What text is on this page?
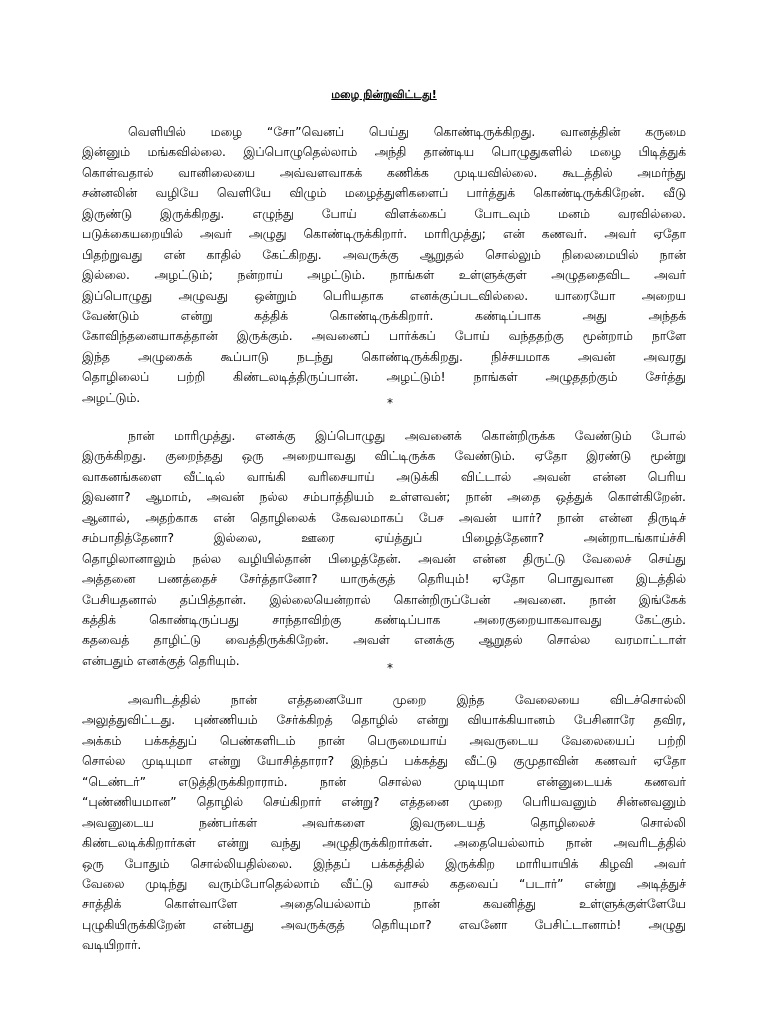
மழை நின்றுவிட்டது!
வெளியில் மழை “சோ”வெனப் பெய்து கொண்டிருக்கிறது. வானத்தின் கருமை
இன்னும் மங்கவில்லை. இப்பொழுதெல்லாம் அந்தி தாண்டிய பொழுதுகளில் மழை பிடித்துக்
கொள்வதால் வானிலையை அவ்வளவாகக் கணிக்க முடியவில்லை. கூடத்தில் அமர்ந்து
சன்னலின் வழியே வெளியே விழும் மழைத்துளிகளைப் பார்த்துக் கொண்டிருக்கிறேன். வீடு
இருண்டு இருக்கிறது. எழுந்து போய் விளக்கைப் போடவும் மனம் வரவில்லை.
படுக்கையறையில் அவர் அழுது கொண்டிருக்கிறார். மாரிமுத்து; என் கணவர். அவர் ஏதோ
பிதற்றுவது என் காதில் கேட்கிறது. அவருக்கு ஆறுதல் சொல்லும் நிலைமையில் நான்
இல்லை. அழட்டும்; நன்றாய் அழட்டும். நாங்கள் உள்ளுக்குள் அழுததைவிட அவர்
இப்பொழுது அழுவது ஒன்றும் பெரியதாக எனக்குப்படவில்லை. யாரையோ அறைய
வேண்டும்	என்று	கத்திக்	கொண்டிருக்கிறார்.	கண்டிப்பாக	அது	அந்தக்
கோவிந்தனையாகத்தான் இருக்கும். அவனைப் பார்க்கப் போய் வந்ததற்கு மூன்றாம் நாளே
இந்த அழுகைக் கூப்பாடு நடந்து கொண்டிருக்கிறது. நிச்சயமாக அவன் அவரது
தொழிலைப் பற்றி கிண்டலடித்திருப்பான். அழட்டும்! நாங்கள் அழுததற்கும் சேர்த்து
அழட்டும்.	*
நான் மாரிமுத்து. எனக்கு இப்பொழுது அவனைக் கொன்றிருக்க வேண்டும் போல்
இருக்கிறது. குறைந்தது ஒரு அறையாவது விட்டிருக்க வேண்டும். ஏதோ இரண்டு மூன்று
வாகனங்களை வீட்டில் வாங்கி வரிசையாய் அடுக்கி விட்டால் அவன் என்ன பெரிய
இவனா? ஆமாம், அவன் நல்ல சம்பாத்தியம் உள்ளவன்; நான் அதை ஒத்துக் கொள்கிறேன்.
ஆனால், அதற்காக என் தொழிலைக் கேவலமாகப் பேச அவன் யார்? நான் என்ன திருடிச்
சம்பாதித்தேனா?	இல்லை,	ஊரை	ஏய்த்துப்	பிழைத்தேனா?	அன்றாடங்காய்ச்சி
தொழிலானாலும் நல்ல வழியில்தான் பிழைத்தேன். அவன் என்ன திருட்டு வேலைச் செய்து
அத்தனை பணத்தைச் சேர்த்தானோ? யாருக்குத் தெரியும்! ஏதோ பொதுவான இடத்தில்
பேசியதனால் தப்பித்தான். இல்லையென்றால் கொன்றிருப்பேன் அவனை. நான் இங்கேக்
கத்திக்	கொண்டிருப்பது	சாந்தாவிற்கு	கண்டிப்பாக	அரைகுறையாகவாவது	கேட்கும்.
கதவைத் தாழிட்டு வைத்திருக்கிறேன். அவள் எனக்கு ஆறுதல் சொல்ல வரமாட்டாள்
என்பதும் எனக்குத் தெரியும்.
*
அவரிடத்தில் நான் எத்தனையோ முறை இந்த வேலையை விடச்சொல்லி
அலுத்துவிட்டது. புண்ணியம் சேர்க்கிறத் தொழில் என்று வியாக்கியானம் பேசினாரே தவிர,
அக்கம் பக்கத்துப் பெண்களிடம் நான் பெருமையாய் அவருடைய வேலையைப் பற்றி
சொல்ல முடியுமா என்று யோசித்தாரா? இந்தப் பக்கத்து வீட்டு குமுதாவின் கணவர் ஏதோ
“டெண்டர்”	எடுத்திருக்கிறாராம்.	நான்	சொல்ல	முடியுமா	என்னுடையக்	கணவர்
“புண்ணியமான” தொழில் செய்கிறார் என்று? எத்தனை முறை பெரியவனும் சின்னவனும்
அவனுடைய	நண்பர்கள்	அவர்களை	இவருடையத்	தொழிலைச்	சொல்லி
கிண்டலடிக்கிறார்கள் என்று வந்து அழுதிருக்கிறார்கள். அதையெல்லாம் நான் அவரிடத்தில்
ஒரு போதும் சொல்லியதில்லை. இந்தப் பக்கத்தில் இருக்கிற மாரியாயிக் கிழவி அவர்
வேலை முடிந்து வரும்போதெல்லாம் வீட்டு வாசல் கதவைப் “படார்” என்று அடித்துச்
சாத்திக்	கொள்வாளே	அதையெல்லாம்	நான்	கவனித்து	உள்ளுக்குள்ளேயே
புழுகியிருக்கிறேன் என்பது அவருக்குத் தெரியுமா? எவனோ பேசிட்டானாம்! அழுது
வடியிறார்.
